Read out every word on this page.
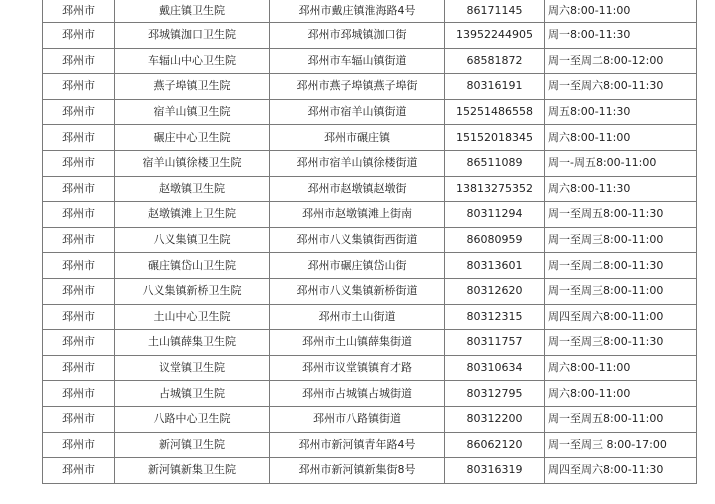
邳州市	戴庄镇卫生院	邳州市戴庄镇淮海路4号	86171145	周六8:00-11:00
邳州市	邳城镇泇口卫生院	邳州市邳城镇泇口街	13952244905	周一8:00-11:30
邳州市	车辐山中心卫生院	邳州市车辐山镇街道	68581872	周一至周二8:00-12:00
邳州市	燕子埠镇卫生院	邳州市燕子埠镇燕子埠街	80316191	周一至周六8:00-11:30
邳州市	宿羊山镇卫生院	邳州市宿羊山镇街道	15251486558	周五8:00-11:30
邳州市	碾庄中心卫生院	邳州市碾庄镇	15152018345	周六8:00-11:00
邳州市	宿羊山镇徐楼卫生院	邳州市宿羊山镇徐楼街道	86511089	周一-周五8:00-11:00
邳州市	赵墩镇卫生院	邳州市赵墩镇赵墩街	13813275352	周六8:00-11:30
邳州市	赵墩镇滩上卫生院	邳州市赵墩镇滩上街南	80311294	周一至周五8:00-11:30
邳州市	八义集镇卫生院	邳州市八义集镇街西街道	86080959	周一至周三8:00-11:00
邳州市	碾庄镇岱山卫生院	邳州市碾庄镇岱山街	80313601	周一至周二8:00-11:30
邳州市	八义集镇新桥卫生院	邳州市八义集镇新桥街道	80312620	周一至周三8:00-11:00
邳州市	土山中心卫生院	邳州市土山街道	80312315	周四至周六8:00-11:00
邳州市	土山镇薛集卫生院	邳州市土山镇薛集街道	80311757	周一至周三8:00-11:30
邳州市	议堂镇卫生院	邳州市议堂镇镇育才路	80310634	周六8:00-11:00
邳州市	占城镇卫生院	邳州市占城镇占城街道	80312795	周六8:00-11:00
邳州市	八路中心卫生院	邳州市八路镇街道	80312200	周一至周五8:00-11:00
邳州市	新河镇卫生院	邳州市新河镇青年路4号	86062120	周一至周三 8:00-17:00
邳州市	新河镇新集卫生院	邳州市新河镇新集街8号	80316319	周四至周六8:00-11:30
